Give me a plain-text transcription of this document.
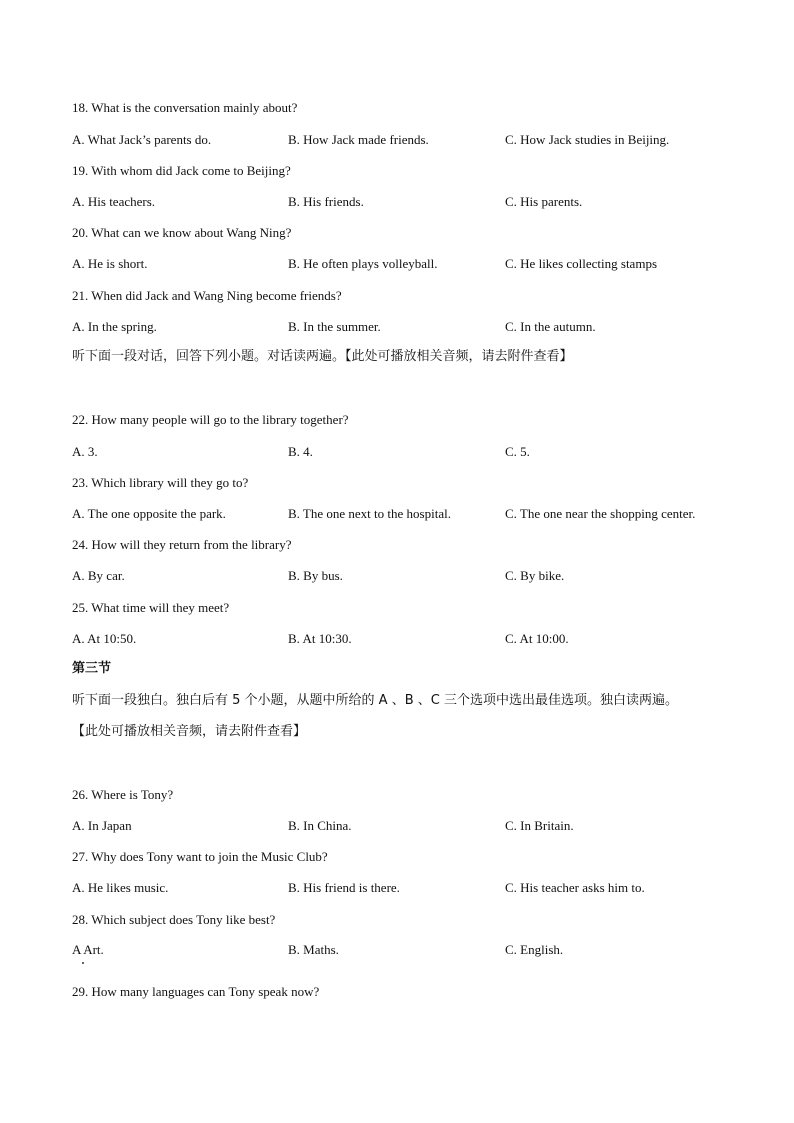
18. What is the conversation mainly about?
A. What Jack’s parents do.	B. How Jack made friends.	C. How Jack studies in Beijing.
19. With whom did Jack come to Beijing?
A. His teachers.	B. His friends.	C. His parents.
20. What can we know about Wang Ning?
A. He is short.	B. He often plays volleyball.	C. He likes collecting stamps
21. When did Jack and Wang Ning become friends?
A. In the spring.	B. In the summer.	C. In the autumn.
听下面一段对话，回答下列小题。对话读两遍。【此处可播放相关音频，请去附件查看】
22. How many people will go to the library together?
A. 3.	B. 4.	C. 5.
23. Which library will they go to?
A. The one opposite the park.	B. The one next to the hospital.	C. The one near the shopping center.
24. How will they return from the library?
A. By car.	B. By bus.	C. By bike.
25. What time will they meet?
A. At 10:50.	B. At 10:30.	C. At 10:00.
第三节
听下面一段独白。独白后有 5 个小题，从题中所给的 A 、B 、C 三个选项中选出最佳选项。独白读两遍。
【此处可播放相关音频，请去附件查看】
26. Where is Tony?
A. In Japan	B. In China.	C. In Britain.
27. Why does Tony want to join the Music Club?
A. He likes music.	B. His friend is there.	C. His teacher asks him to.
28. Which subject does Tony like best?
A Art.	B. Maths.	C. English.
29. How many languages can Tony speak now?
